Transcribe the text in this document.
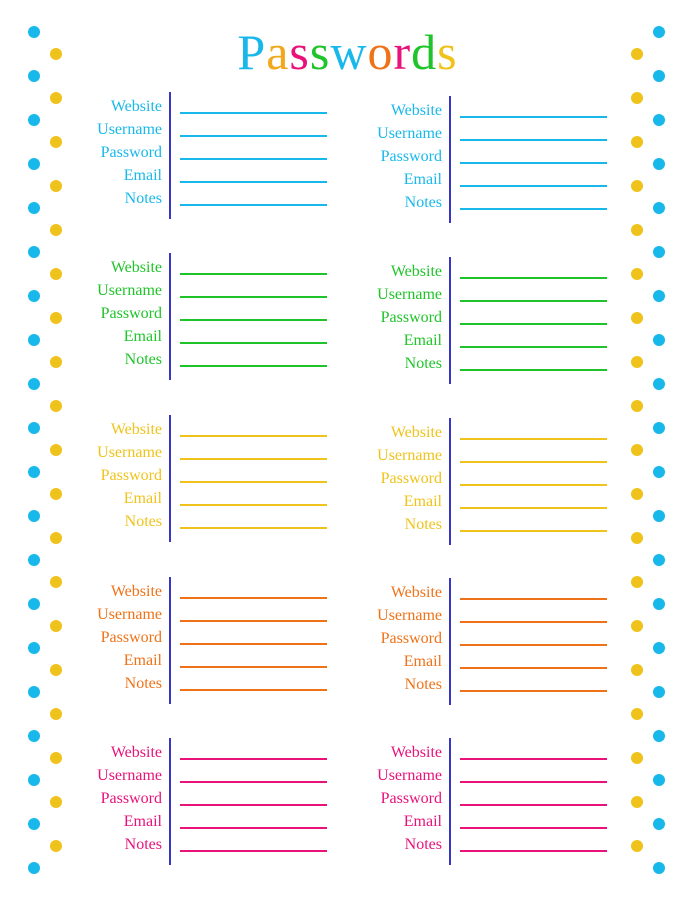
Passwords
Website
Username
Password
Email
Notes
Website
Username
Password
Email
Notes
Website
Username
Password
Email
Notes
Website
Username
Password
Email
Notes
Website
Username
Password
Email
Notes
Website
Username
Password
Email
Notes
Website
Username
Password
Email
Notes
Website
Username
Password
Email
Notes
Website
Username
Password
Email
Notes
Website
Username
Password
Email
Notes
